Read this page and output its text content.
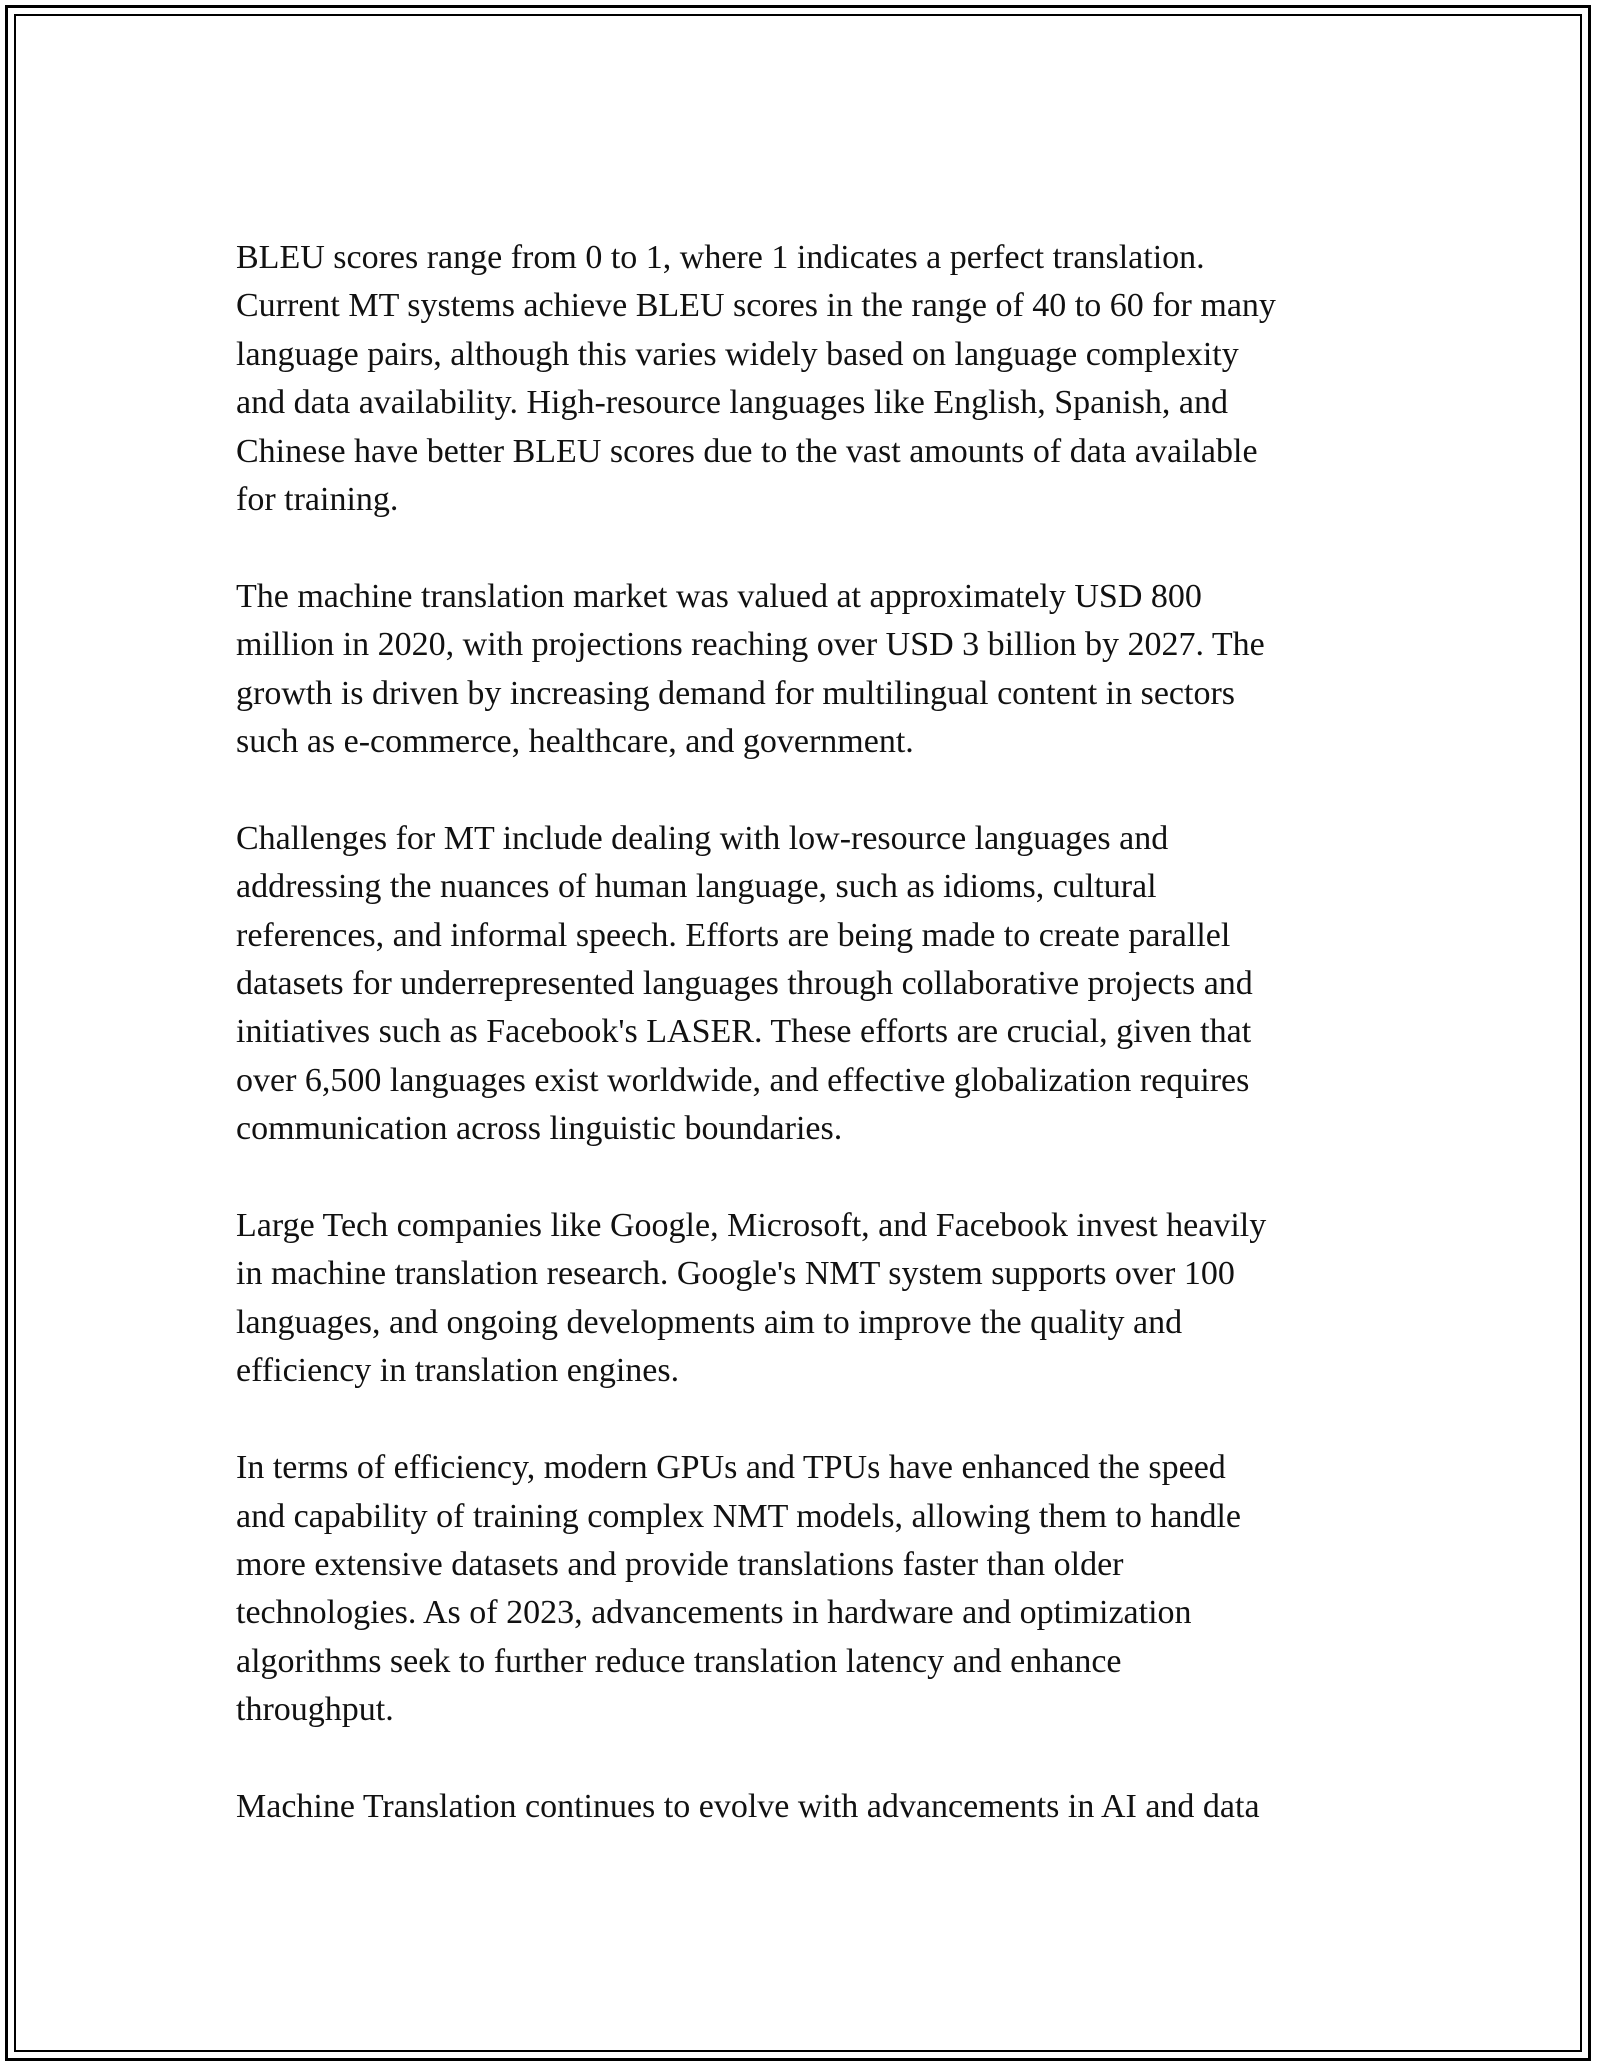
BLEU scores range from 0 to 1, where 1 indicates a perfect translation.
Current MT systems achieve BLEU scores in the range of 40 to 60 for many
language pairs, although this varies widely based on language complexity
and data availability. High-resource languages like English, Spanish, and
Chinese have better BLEU scores due to the vast amounts of data available
for training.

The machine translation market was valued at approximately USD 800
million in 2020, with projections reaching over USD 3 billion by 2027. The
growth is driven by increasing demand for multilingual content in sectors
such as e-commerce, healthcare, and government.

Challenges for MT include dealing with low-resource languages and
addressing the nuances of human language, such as idioms, cultural
references, and informal speech. Efforts are being made to create parallel
datasets for underrepresented languages through collaborative projects and
initiatives such as Facebook's LASER. These efforts are crucial, given that
over 6,500 languages exist worldwide, and effective globalization requires
communication across linguistic boundaries.

Large Tech companies like Google, Microsoft, and Facebook invest heavily
in machine translation research. Google's NMT system supports over 100
languages, and ongoing developments aim to improve the quality and
efficiency in translation engines.

In terms of efficiency, modern GPUs and TPUs have enhanced the speed
and capability of training complex NMT models, allowing them to handle
more extensive datasets and provide translations faster than older
technologies. As of 2023, advancements in hardware and optimization
algorithms seek to further reduce translation latency and enhance
throughput.

Machine Translation continues to evolve with advancements in AI and data
